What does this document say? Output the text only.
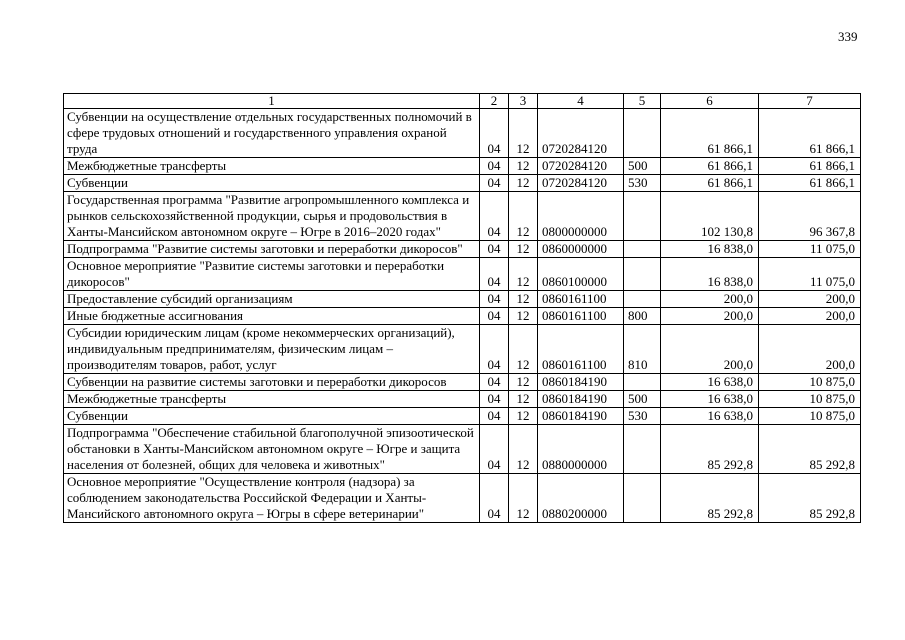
339
1	2	3	4	5	6	7
Субвенции на осуществление отдельных государственных полномочий в сфере трудовых отношений и государственного управления охраной труда	04	12	0720284120		61 866,1	61 866,1
Межбюджетные трансферты	04	12	0720284120	500	61 866,1	61 866,1
Субвенции	04	12	0720284120	530	61 866,1	61 866,1
Государственная программа "Развитие агропромышленного комплекса и рынков сельскохозяйственной продукции, сырья и продовольствия в Ханты-Мансийском автономном округе – Югре в 2016–2020 годах"	04	12	0800000000		102 130,8	96 367,8
Подпрограмма "Развитие системы заготовки и переработки дикоросов"	04	12	0860000000		16 838,0	11 075,0
Основное мероприятие "Развитие системы заготовки и переработки дикоросов"	04	12	0860100000		16 838,0	11 075,0
Предоставление субсидий организациям	04	12	0860161100		200,0	200,0
Иные бюджетные ассигнования	04	12	0860161100	800	200,0	200,0
Субсидии юридическим лицам (кроме некоммерческих организаций), индивидуальным предпринимателям, физическим лицам – производителям товаров, работ, услуг	04	12	0860161100	810	200,0	200,0
Субвенции на развитие системы заготовки и переработки дикоросов	04	12	0860184190		16 638,0	10 875,0
Межбюджетные трансферты	04	12	0860184190	500	16 638,0	10 875,0
Субвенции	04	12	0860184190	530	16 638,0	10 875,0
Подпрограмма "Обеспечение стабильной благополучной эпизоотической обстановки в Ханты-Мансийском автономном округе – Югре и защита населения от болезней, общих для человека и животных"	04	12	0880000000		85 292,8	85 292,8
Основное мероприятие "Осуществление контроля (надзора) за соблюдением законодательства Российской Федерации и Ханты-Мансийского автономного округа – Югры в сфере ветеринарии"	04	12	0880200000		85 292,8	85 292,8
